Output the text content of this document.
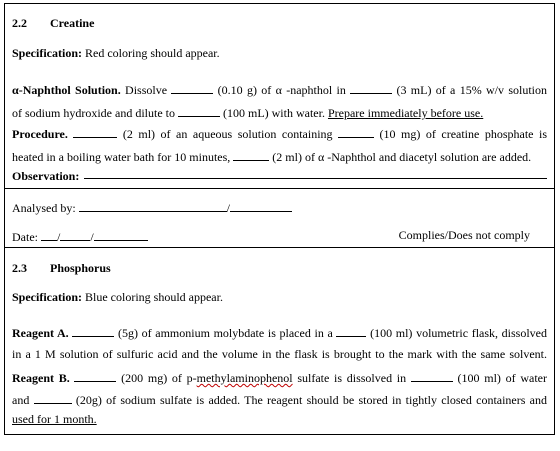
2.2 Creatine
Specification: Red coloring should appear.
α-Naphthol Solution. Dissolve	(0.10 g) of α -naphthol in	(3 mL) of a 15% w/v solution
of sodium hydroxide and dilute to	(100 mL) with water. Prepare immediately before use.
Procedure.	(2 ml) of an aqueous solution containing	(10 mg) of creatine phosphate is
heated in a boiling water bath for 10 minutes,	(2 ml) of α -Naphthol and diacetyl solution are added.
Observation:
Analysed by:	/
Date: /	/	Complies/Does not comply
2.3 Phosphorus
Specification: Blue coloring should appear.
Reagent A.	(5g) of ammonium molybdate is placed in a	(100 ml) volumetric flask, dissolved
in a 1 M solution of sulfuric acid and the volume in the flask is brought to the mark with the same solvent.
Reagent B.	(200 mg) of p-methylaminophenol sulfate is dissolved in	(100 ml) of water
and	(20g) of sodium sulfate is added. The reagent should be stored in tightly closed containers and
used for 1 month.
